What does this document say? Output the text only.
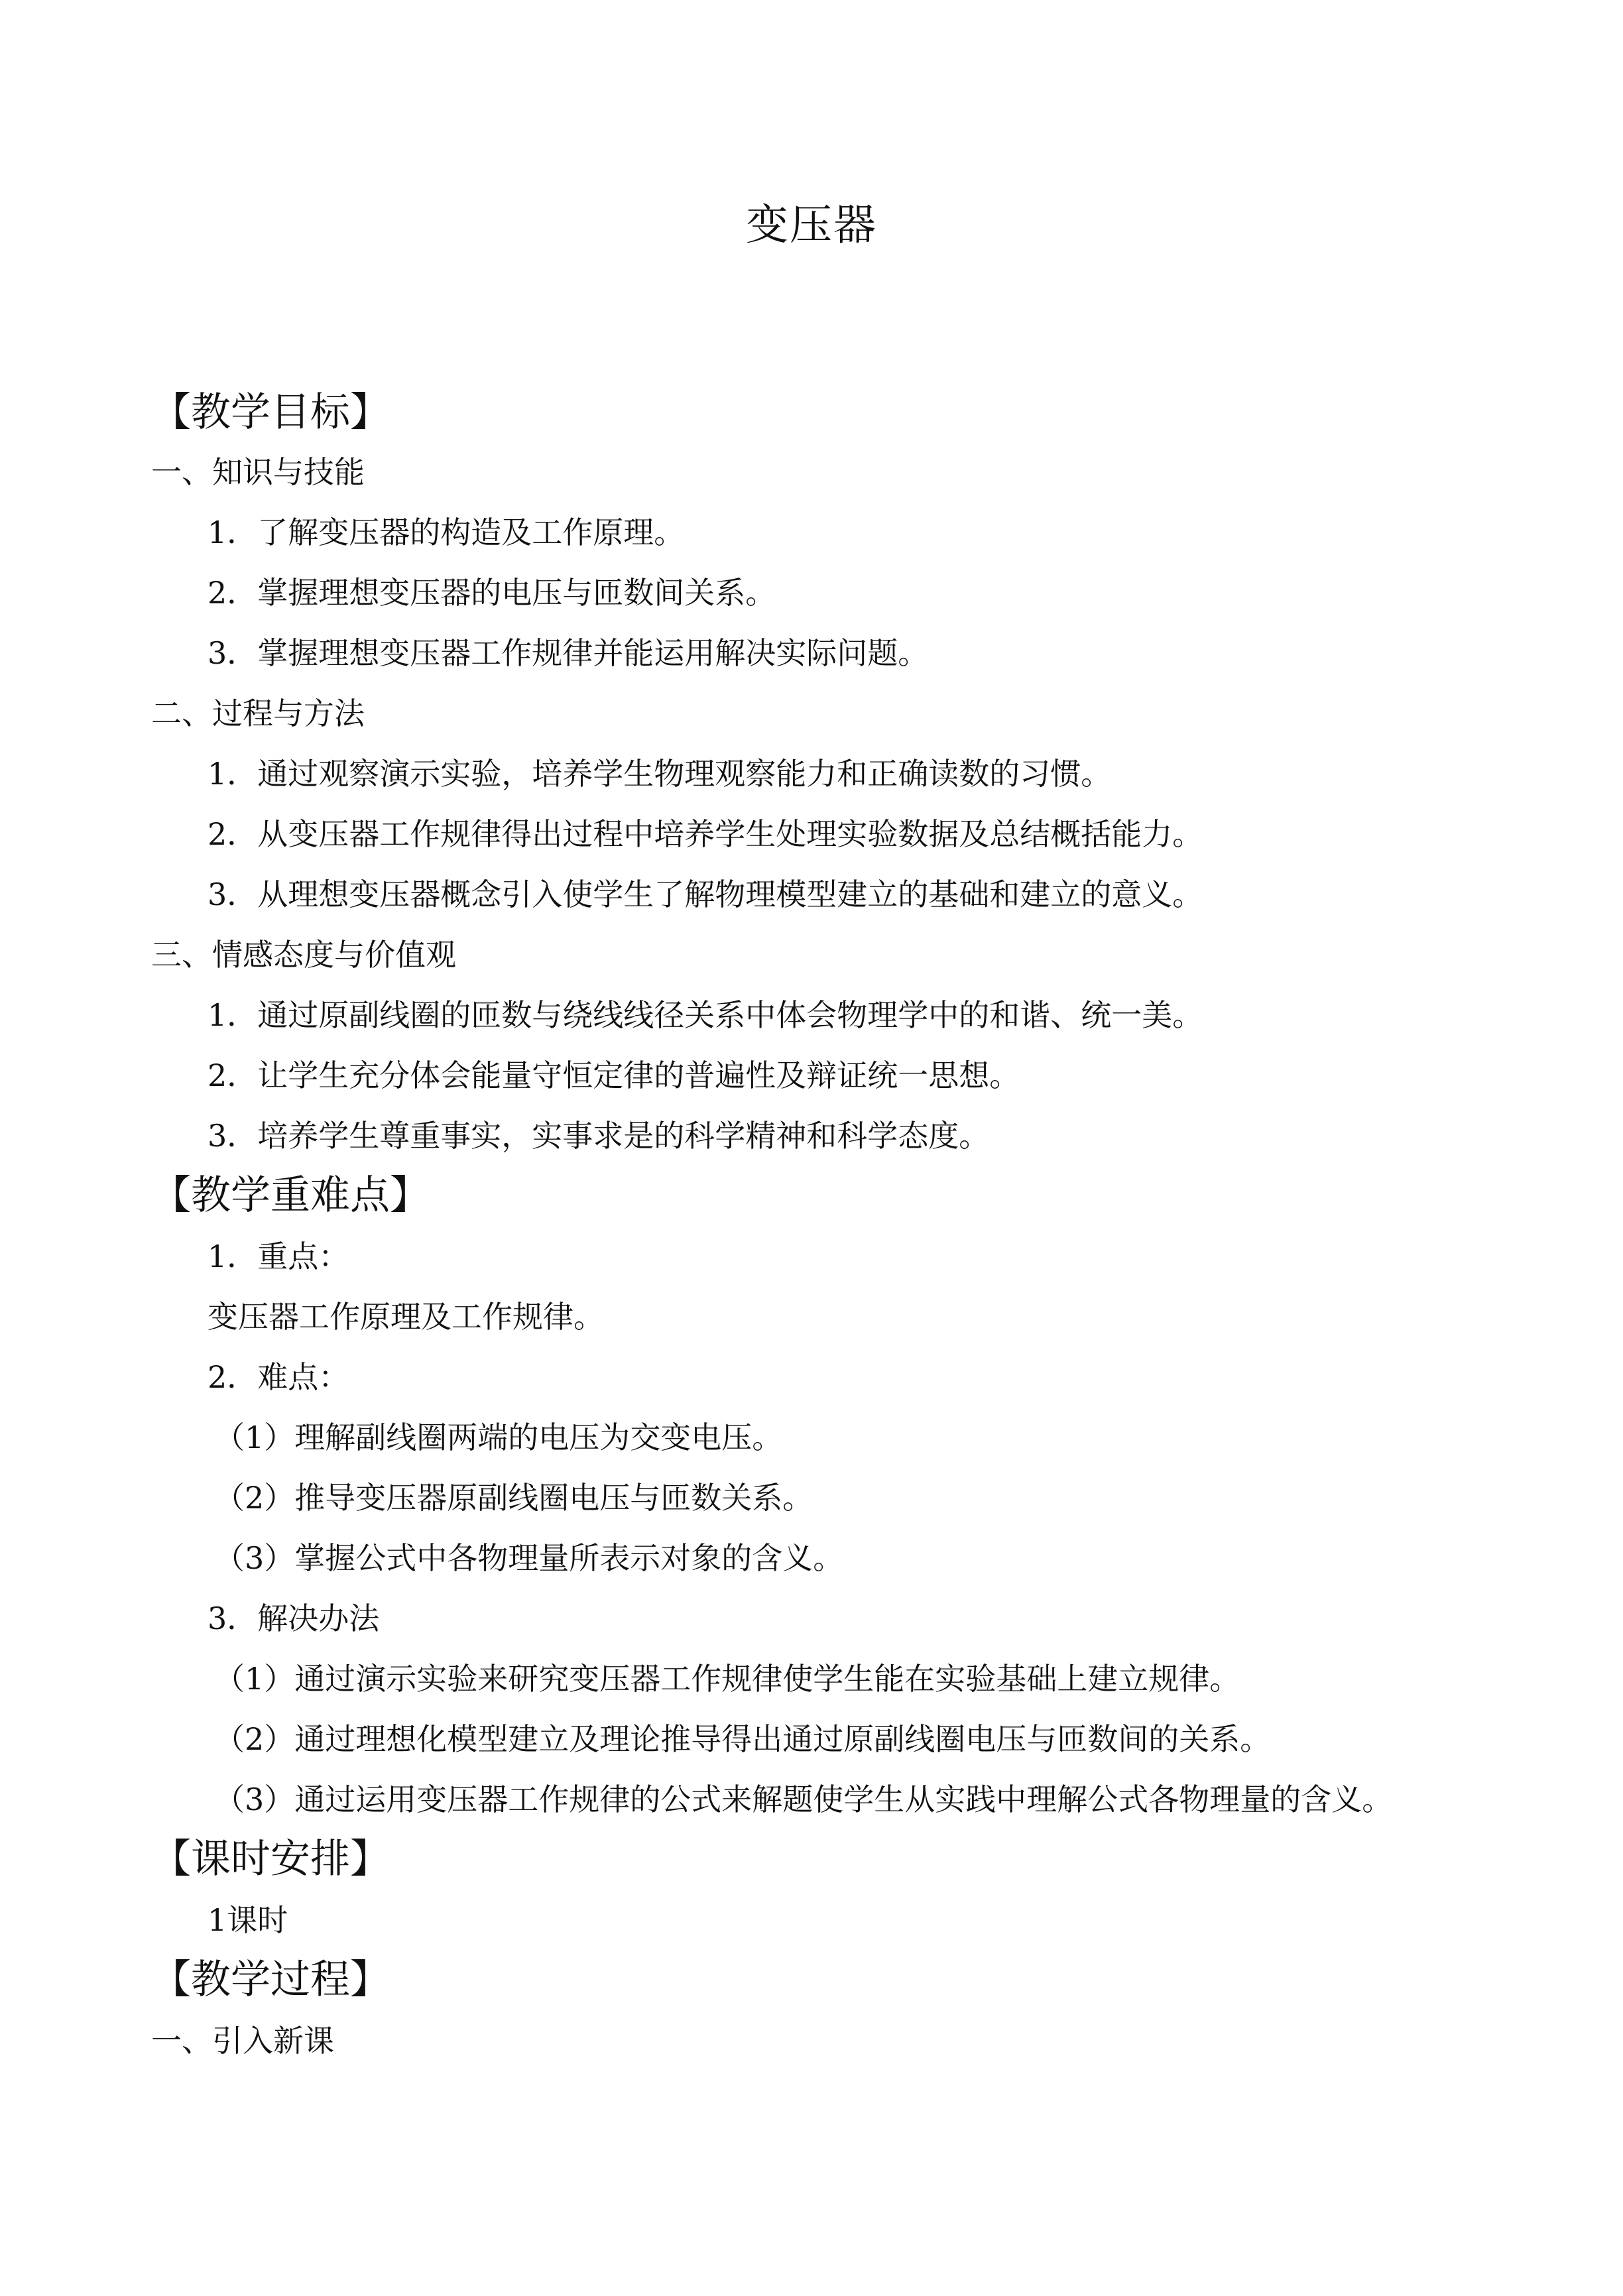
变压器
【教学目标】
一、知识与技能
1．了解变压器的构造及工作原理。
2．掌握理想变压器的电压与匝数间关系。
3．掌握理想变压器工作规律并能运用解决实际问题。
二、过程与方法
1．通过观察演示实验，培养学生物理观察能力和正确读数的习惯。
2．从变压器工作规律得出过程中培养学生处理实验数据及总结概括能力。
3．从理想变压器概念引入使学生了解物理模型建立的基础和建立的意义。
三、情感态度与价值观
1．通过原副线圈的匝数与绕线线径关系中体会物理学中的和谐、统一美。
2．让学生充分体会能量守恒定律的普遍性及辩证统一思想。
3．培养学生尊重事实，实事求是的科学精神和科学态度。
【教学重难点】
1．重点：
变压器工作原理及工作规律。
2．难点：
（1）理解副线圈两端的电压为交变电压。
（2）推导变压器原副线圈电压与匝数关系。
（3）掌握公式中各物理量所表示对象的含义。
3．解决办法
（1）通过演示实验来研究变压器工作规律使学生能在实验基础上建立规律。
（2）通过理想化模型建立及理论推导得出通过原副线圈电压与匝数间的关系。
（3）通过运用变压器工作规律的公式来解题使学生从实践中理解公式各物理量的含义。
【课时安排】
1课时
【教学过程】
一、引入新课
